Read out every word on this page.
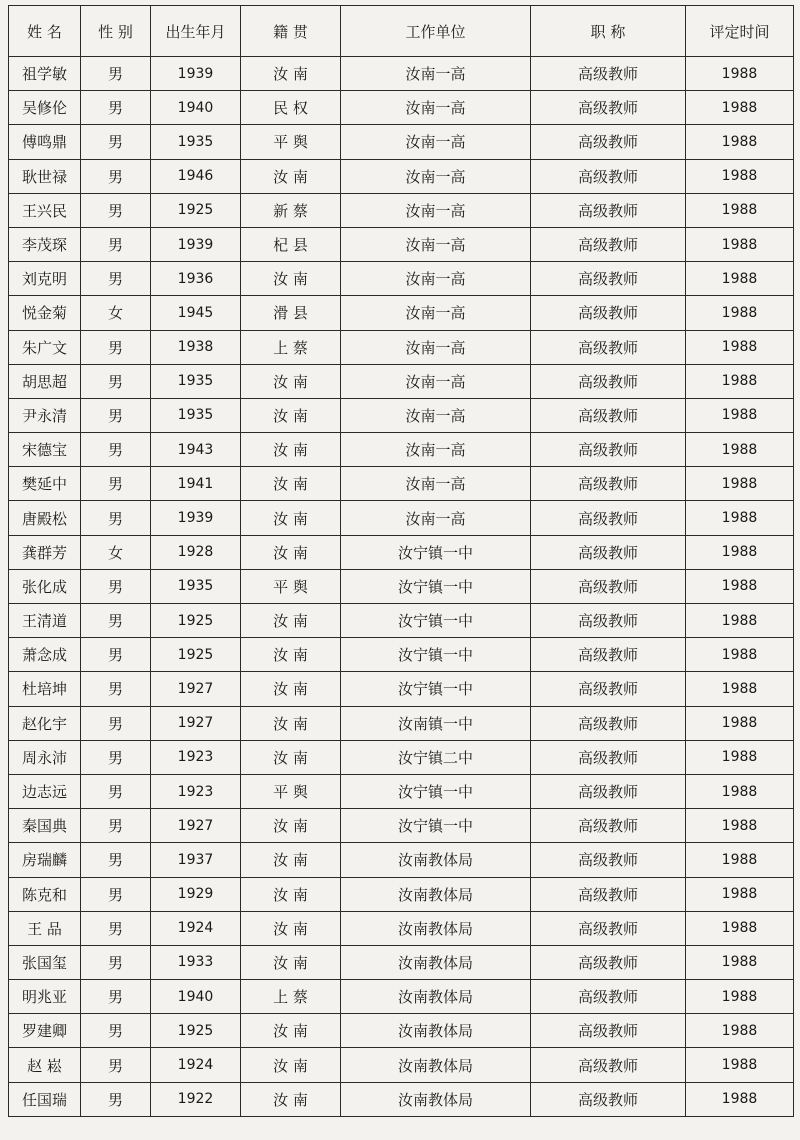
姓 名	性 别	出生年月	籍 贯	工作单位	职 称	评定时间
祖学敏	男	1939	汝 南	汝南一高	高级教师	1988
吴修伦	男	1940	民 权	汝南一高	高级教师	1988
傅鸣鼎	男	1935	平 舆	汝南一高	高级教师	1988
耿世禄	男	1946	汝 南	汝南一高	高级教师	1988
王兴民	男	1925	新 蔡	汝南一高	高级教师	1988
李茂琛	男	1939	杞 县	汝南一高	高级教师	1988
刘克明	男	1936	汝 南	汝南一高	高级教师	1988
悦金菊	女	1945	滑 县	汝南一高	高级教师	1988
朱广文	男	1938	上 蔡	汝南一高	高级教师	1988
胡思超	男	1935	汝 南	汝南一高	高级教师	1988
尹永清	男	1935	汝 南	汝南一高	高级教师	1988
宋德宝	男	1943	汝 南	汝南一高	高级教师	1988
樊延中	男	1941	汝 南	汝南一高	高级教师	1988
唐殿松	男	1939	汝 南	汝南一高	高级教师	1988
龚群芳	女	1928	汝 南	汝宁镇一中	高级教师	1988
张化成	男	1935	平 舆	汝宁镇一中	高级教师	1988
王清道	男	1925	汝 南	汝宁镇一中	高级教师	1988
萧念成	男	1925	汝 南	汝宁镇一中	高级教师	1988
杜培坤	男	1927	汝 南	汝宁镇一中	高级教师	1988
赵化宇	男	1927	汝 南	汝南镇一中	高级教师	1988
周永沛	男	1923	汝 南	汝宁镇二中	高级教师	1988
边志远	男	1923	平 舆	汝宁镇一中	高级教师	1988
秦国典	男	1927	汝 南	汝宁镇一中	高级教师	1988
房瑞麟	男	1937	汝 南	汝南教体局	高级教师	1988
陈克和	男	1929	汝 南	汝南教体局	高级教师	1988
王 品	男	1924	汝 南	汝南教体局	高级教师	1988
张国玺	男	1933	汝 南	汝南教体局	高级教师	1988
明兆亚	男	1940	上 蔡	汝南教体局	高级教师	1988
罗建卿	男	1925	汝 南	汝南教体局	高级教师	1988
赵 崧	男	1924	汝 南	汝南教体局	高级教师	1988
任国瑞	男	1922	汝 南	汝南教体局	高级教师	1988
